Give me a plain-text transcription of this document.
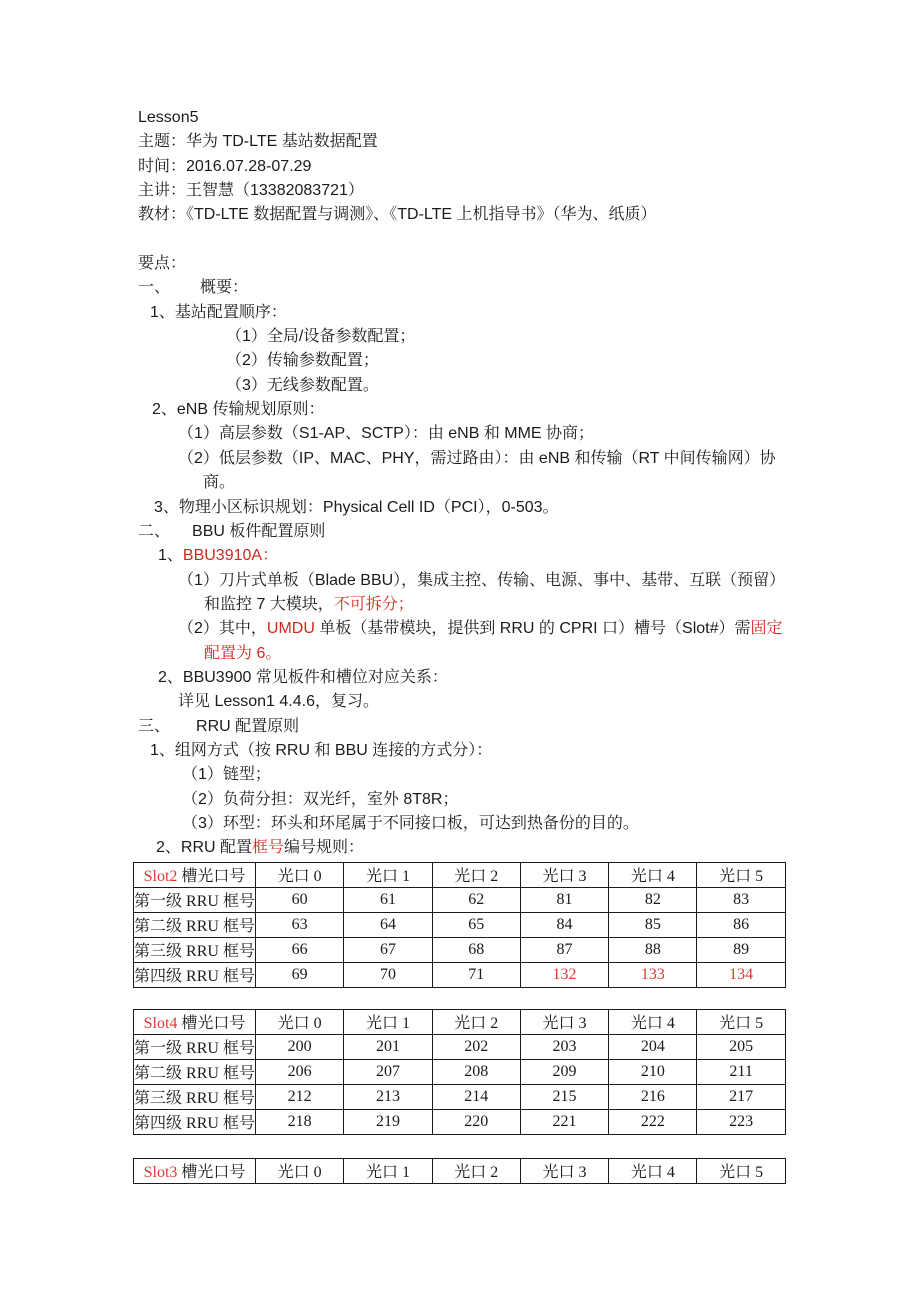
Lesson5
主题：华为 TD-LTE 基站数据配置
时间：2016.07.28-07.29
主讲：王智慧（13382083721）
教材：《TD-LTE 数据配置与调测》、《TD-LTE 上机指导书》（华为、纸质）
要点：
一、 概要：
1、基站配置顺序：
（1）全局/设备参数配置；
（2）传输参数配置；
（3）无线参数配置。
2、eNB 传输规划原则：
（1）高层参数（S1-AP、SCTP）：由 eNB 和 MME 协商；
（2）低层参数（IP、MAC、PHY，需过路由）：由 eNB 和传输（RT 中间传输网）协
商。
3、物理小区标识规划：Physical Cell ID（PCI），0-503。
二、 BBU 板件配置原则
1、BBU3910A：
（1）刀片式单板（Blade BBU），集成主控、传输、电源、事中、基带、互联（预留）
和监控 7 大模块，不可拆分；
（2）其中，UMDU 单板（基带模块，提供到 RRU 的 CPRI 口）槽号（Slot#）需固定
配置为 6。
2、BBU3900 常见板件和槽位对应关系：
详见 Lesson1 4.4.6，复习。
三、 RRU 配置原则
1、组网方式（按 RRU 和 BBU 连接的方式分）：
（1）链型；
（2）负荷分担：双光纤，室外 8T8R；
（3）环型：环头和环尾属于不同接口板，可达到热备份的目的。
2、RRU 配置框号编号规则：
Slot2 槽光口号	光口 0	光口 1	光口 2	光口 3	光口 4	光口 5
第一级 RRU 框号	60	61	62	81	82	83
第二级 RRU 框号	63	64	65	84	85	86
第三级 RRU 框号	66	67	68	87	88	89
第四级 RRU 框号	69	70	71	132	133	134
Slot4 槽光口号	光口 0	光口 1	光口 2	光口 3	光口 4	光口 5
第一级 RRU 框号	200	201	202	203	204	205
第二级 RRU 框号	206	207	208	209	210	211
第三级 RRU 框号	212	213	214	215	216	217
第四级 RRU 框号	218	219	220	221	222	223
Slot3 槽光口号	光口 0	光口 1	光口 2	光口 3	光口 4	光口 5
